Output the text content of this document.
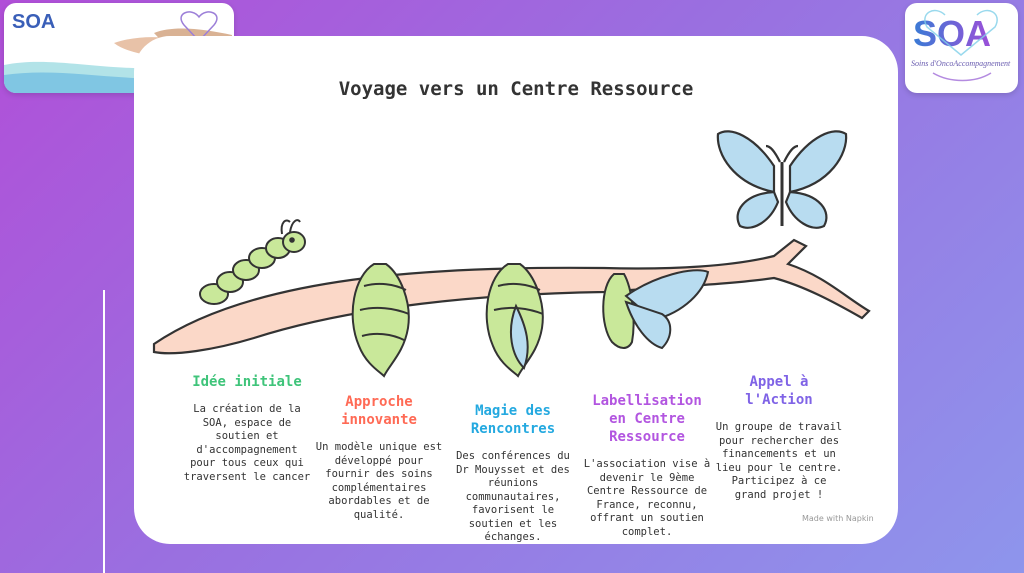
SOA	SOA
Soins d'OncoAccompagnement
Voyage vers un Centre Ressource
Idée initiale
La création de la SOA, espace de soutien et d'accompagnement pour tous ceux qui traversent le cancer
Approche innovante
Un modèle unique est développé pour fournir des soins complémentaires abordables et de qualité.
Magie des Rencontres
Des conférences du Dr Mouysset et des réunions communautaires, favorisent le soutien et les échanges.
Labellisation en Centre Ressource
L'association vise à devenir le 9ème Centre Ressource de France, reconnu, offrant un soutien complet.
Appel à l'Action
Un groupe de travail pour rechercher des financements et un lieu pour le centre. Participez à ce grand projet !
Made with Napkin
